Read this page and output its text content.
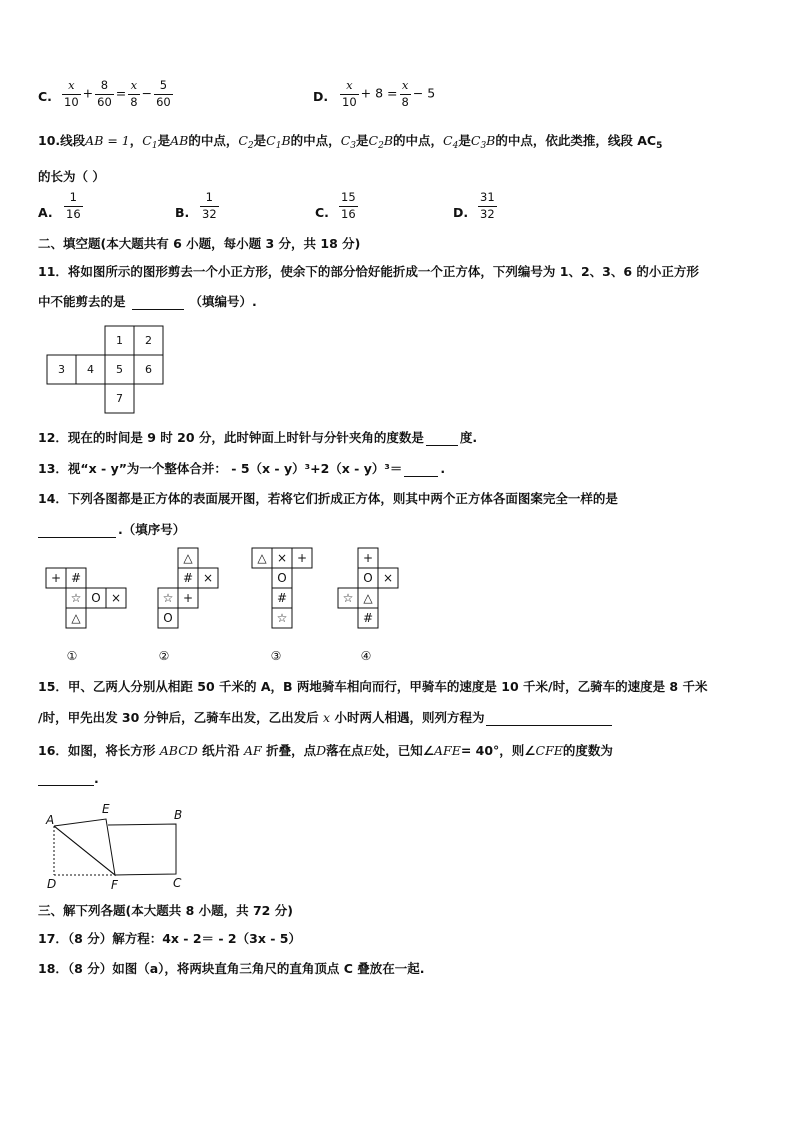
C. $\frac{x}{10} + \frac{8}{60} = \frac{x}{8} - \frac{5}{60}$	D. $\frac{x}{10} + 8 = \frac{x}{8} - 5$
10.线段AB = 1，$C_1$是AB的中点，$C_2$是$C_1B$的中点，$C_3$是$C_2B$的中点，$C_4$是$C_3B$的中点，依此类推，线段 $AC_5$
的长为（ ）
A. $\frac{1}{16}$	B. $\frac{1}{32}$	C. $\frac{15}{16}$	D. $\frac{31}{32}$
二、填空题(本大题共有 6 小题，每小题 3 分，共 18 分)
11．将如图所示的图形剪去一个小正方形，使余下的部分恰好能折成一个正方体，下列编号为 1、2、3、6 的小正方形
中不能剪去的是	（填编号）.
1 2
3 4 5 6
7
12．现在的时间是 9 时 20 分，此时钟面上时针与分针夹角的度数是	度.
13．视“x - y”为一个整体合并： - 5（x - y）³+2（x - y）³＝	.
14．下列各图都是正方体的表面展开图，若将它们折成正方体，则其中两个正方体各面图案完全一样的是
.（填序号）
+ #
☆ O ×
△
△
# ×
☆ +
O
△ × +
O
#
☆
+
O ×
☆ △
#
①	②	③	④
15．甲、乙两人分别从相距 50 千米的 A，B 两地骑车相向而行，甲骑车的速度是 10 千米/时，乙骑车的速度是 8 千米
/时，甲先出发 30 分钟后，乙骑车出发，乙出发后 x 小时两人相遇，则列方程为
16．如图，将长方形 ABCD 纸片沿 AF 折叠，点D落在点E处，已知∠AFE= 40°，则∠CFE的度数为
.
A
E	B
D	F	C
三、解下列各题(本大题共 8 小题，共 72 分)
17．（8 分）解方程：4x - 2＝ - 2（3x - 5）
18．（8 分）如图（a），将两块直角三角尺的直角顶点 C 叠放在一起.
